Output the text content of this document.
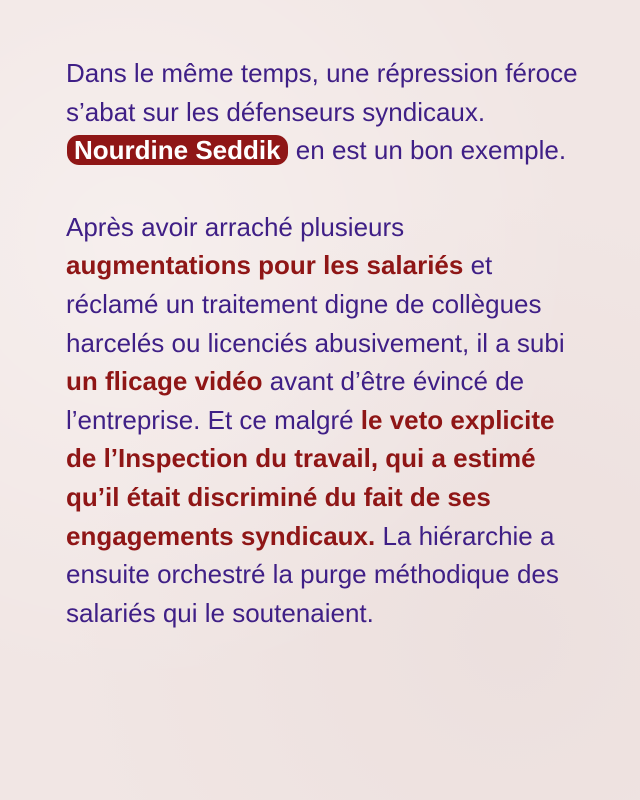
Dans le même temps, une répression féroce s’abat sur les défenseurs syndicaux.Nourdine Seddik en est un bon exemple.

Après avoir arraché plusieurs augmentations pour les salariés et réclamé un traitement digne de collègues harcelés ou licenciés abusivement, il a subi un flicage vidéo avant d’être évincé de l’entreprise. Et ce malgré le veto explicite de l’Inspection du travail, qui a estimé qu’il était discriminé du fait de ses engagements syndicaux. La hiérarchie a ensuite orchestré la purge méthodique des salariés qui le soutenaient.
